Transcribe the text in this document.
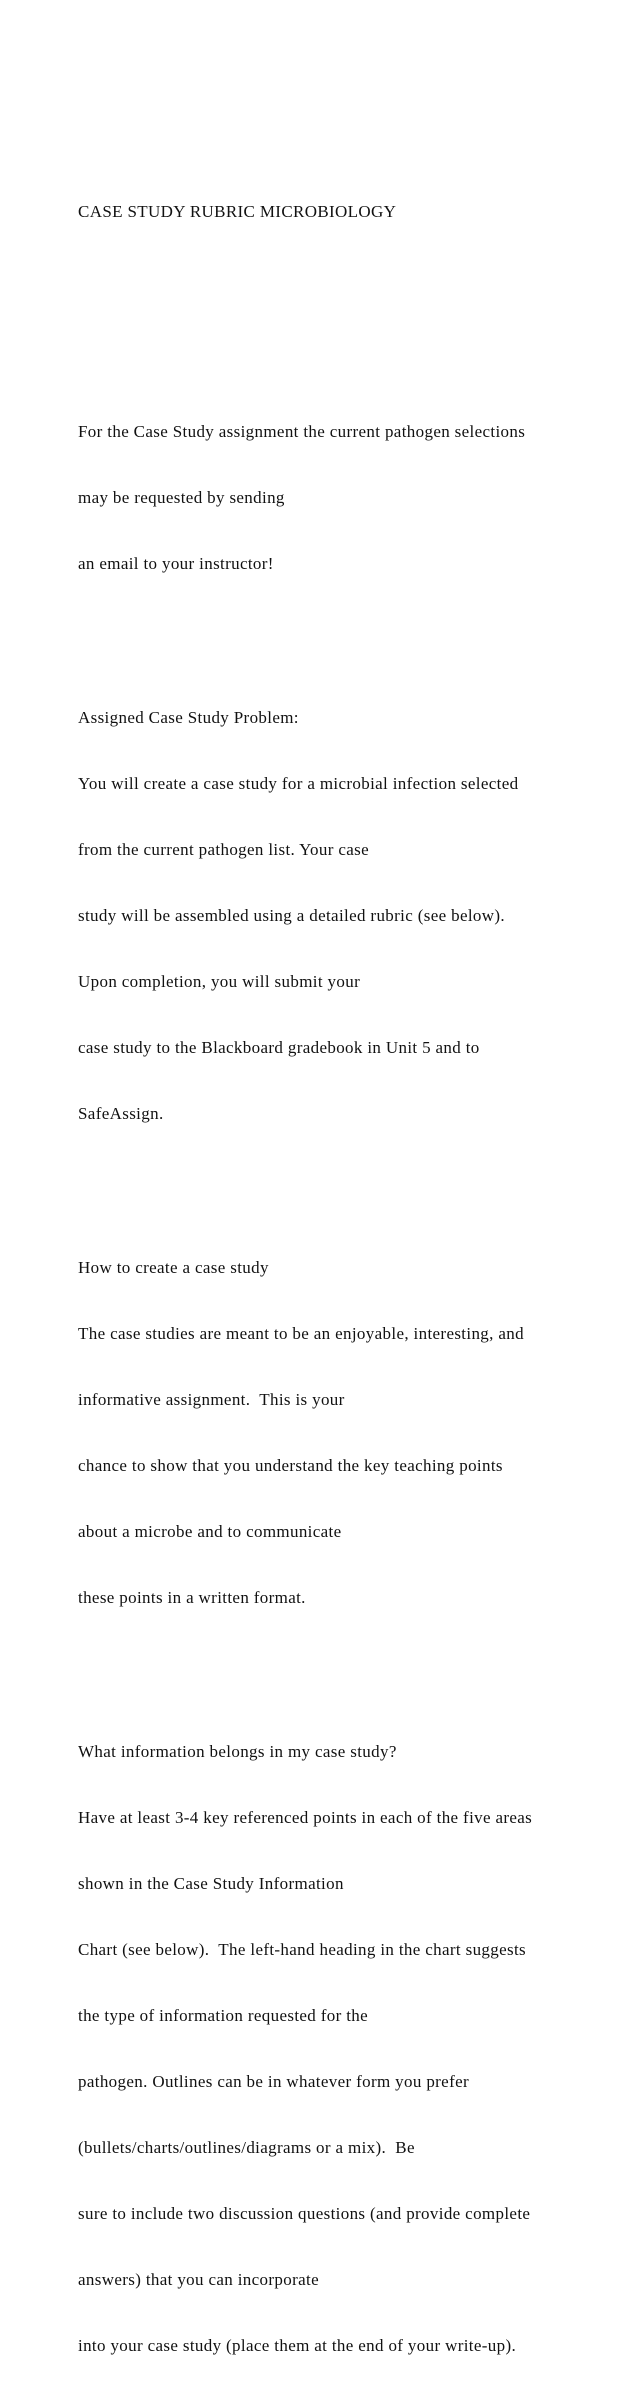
CASE STUDY RUBRIC MICROBIOLOGY

For the Case Study assignment the current pathogen selections

may be requested by sending

an email to your instructor!

Assigned Case Study Problem:

You will create a case study for a microbial infection selected

from the current pathogen list. Your case

study will be assembled using a detailed rubric (see below).

Upon completion, you will submit your

case study to the Blackboard gradebook in Unit 5 and to

SafeAssign.

How to create a case study

The case studies are meant to be an enjoyable, interesting, and

informative assignment.  This is your

chance to show that you understand the key teaching points

about a microbe and to communicate

these points in a written format.

What information belongs in my case study?

Have at least 3-4 key referenced points in each of the five areas

shown in the Case Study Information

Chart (see below).  The left-hand heading in the chart suggests

the type of information requested for the

pathogen. Outlines can be in whatever form you prefer

(bullets/charts/outlines/diagrams or a mix).  Be

sure to include two discussion questions (and provide complete

answers) that you can incorporate

into your case study (place them at the end of your write-up).
